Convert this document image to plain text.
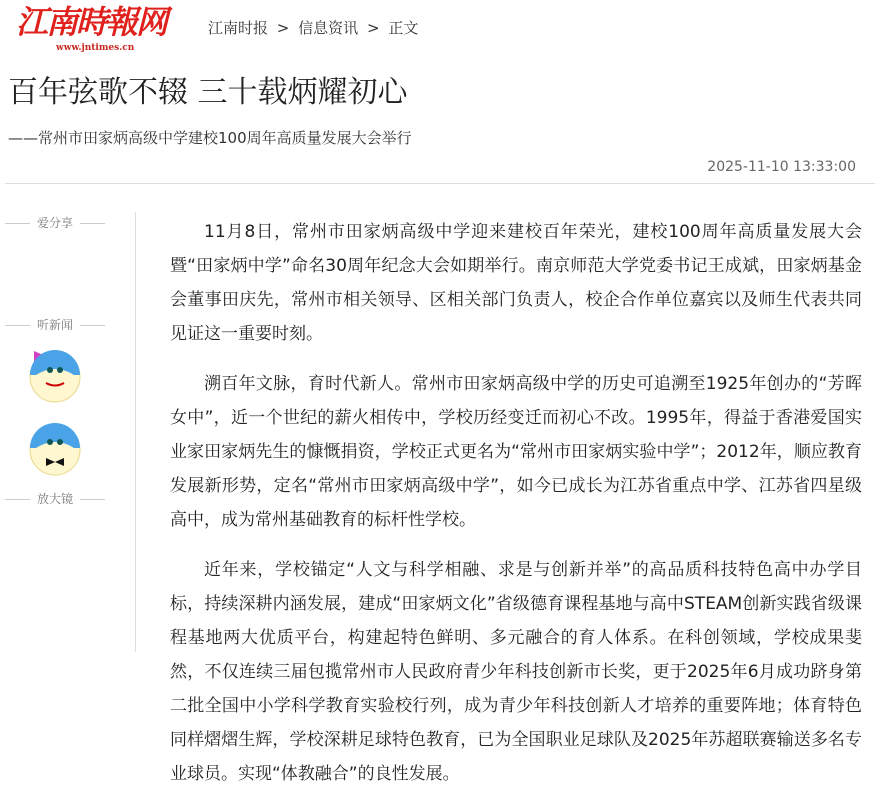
江南時報网
www.jntimes.cn
江南时报 > 信息资讯 > 正文
百年弦歌不辍 三十载炳耀初心
——常州市田家炳高级中学建校100周年高质量发展大会举行
2025-11-10 13:33:00
爱分享
听新闻
放大镜

11月8日，常州市田家炳高级中学迎来建校百年荣光，建校100周年高质量发展大会暨“田家炳中学”命名30周年纪念大会如期举行。南京师范大学党委书记王成斌，田家炳基金会董事田庆先，常州市相关领导、区相关部门负责人，校企合作单位嘉宾以及师生代表共同见证这一重要时刻。

溯百年文脉，育时代新人。常州市田家炳高级中学的历史可追溯至1925年创办的“芳晖女中”，近一个世纪的薪火相传中，学校历经变迁而初心不改。1995年，得益于香港爱国实业家田家炳先生的慷慨捐资，学校正式更名为“常州市田家炳实验中学”；2012年，顺应教育发展新形势，定名“常州市田家炳高级中学”，如今已成长为江苏省重点中学、江苏省四星级高中，成为常州基础教育的标杆性学校。

近年来，学校锚定“人文与科学相融、求是与创新并举”的高品质科技特色高中办学目标，持续深耕内涵发展，建成“田家炳文化”省级德育课程基地与高中STEAM创新实践省级课程基地两大优质平台，构建起特色鲜明、多元融合的育人体系。在科创领域，学校成果斐然，不仅连续三届包揽常州市人民政府青少年科技创新市长奖，更于2025年6月成功跻身第二批全国中小学科学教育实验校行列，成为青少年科技创新人才培养的重要阵地；体育特色同样熠熠生辉，学校深耕足球特色教育，已为全国职业足球队及2025年苏超联赛输送多名专业球员。实现“体教融合”的良性发展。
